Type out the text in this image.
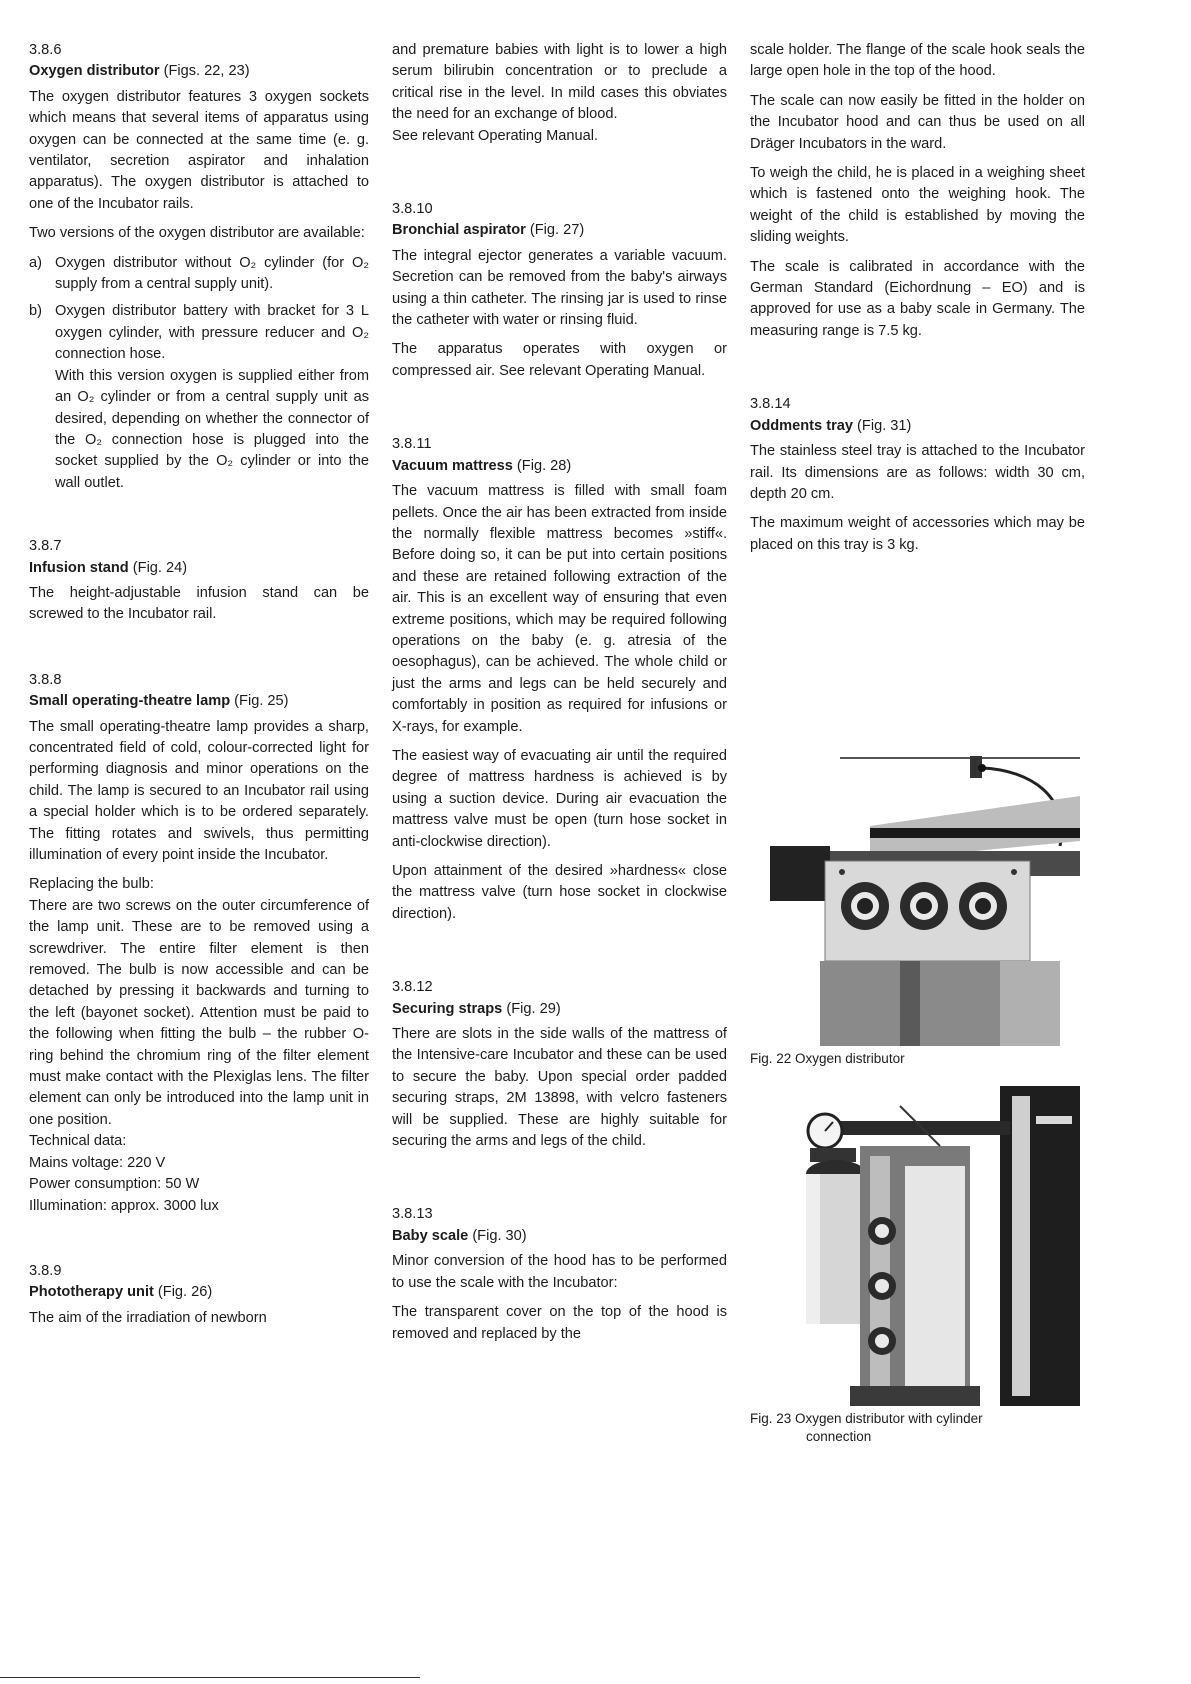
3.8.6
Oxygen distributor (Figs. 22, 23)

The oxygen distributor features 3 oxygen sockets which means that several items of apparatus using oxygen can be connected at the same time (e. g. ventilator, secretion aspirator and inhalation apparatus). The oxygen distributor is attached to one of the Incubator rails.

Two versions of the oxygen distributor are available:

a) Oxygen distributor without O₂ cylinder (for O₂ supply from a central supply unit).
b) Oxygen distributor battery with bracket for 3 L oxygen cylinder, with pressure reducer and O₂ connection hose.
With this version oxygen is supplied either from an O₂ cylinder or from a central supply unit as desired, depending on whether the connector of the O₂ connection hose is plugged into the socket supplied by the O₂ cylinder or into the wall outlet.
3.8.7
Infusion stand (Fig. 24)

The height-adjustable infusion stand can be screwed to the Incubator rail.

3.8.8
Small operating-theatre lamp (Fig. 25)

The small operating-theatre lamp provides a sharp, concentrated field of cold, colour-corrected light for performing diagnosis and minor operations on the child. The lamp is secured to an Incubator rail using a special holder which is to be ordered separately. The fitting rotates and swivels, thus permitting illumination of every point inside the Incubator.

Replacing the bulb:

There are two screws on the outer circumference of the lamp unit. These are to be removed using a screwdriver. The entire filter element is then removed. The bulb is now accessible and can be detached by pressing it backwards and turning to the left (bayonet socket). Attention must be paid to the following when fitting the bulb – the rubber O-ring behind the chromium ring of the filter element must make contact with the Plexiglas lens. The filter element can only be introduced into the lamp unit in one position.

Technical data:
Mains voltage: 220 V
Power consumption: 50 W
Illumination: approx. 3000 lux
3.8.9
Phototherapy unit (Fig. 26)

The aim of the irradiation of newborn

and premature babies with light is to lower a high serum bilirubin concentration or to preclude a critical rise in the level. In mild cases this obviates the need for an exchange of blood.

See relevant Operating Manual.

3.8.10
Bronchial aspirator (Fig. 27)

The integral ejector generates a variable vacuum. Secretion can be removed from the baby's airways using a thin catheter. The rinsing jar is used to rinse the catheter with water or rinsing fluid.

The apparatus operates with oxygen or compressed air. See relevant Operating Manual.

3.8.11
Vacuum mattress (Fig. 28)

The vacuum mattress is filled with small foam pellets. Once the air has been extracted from inside the normally flexible mattress becomes »stiff«. Before doing so, it can be put into certain positions and these are retained following extraction of the air. This is an excellent way of ensuring that even extreme positions, which may be required following operations on the baby (e. g. atresia of the oesophagus), can be achieved. The whole child or just the arms and legs can be held securely and comfortably in position as required for infusions or X-rays, for example.

The easiest way of evacuating air until the required degree of mattress hardness is achieved is by using a suction device. During air evacuation the mattress valve must be open (turn hose socket in anti-clockwise direction).

Upon attainment of the desired »hardness« close the mattress valve (turn hose socket in clockwise direction).

3.8.12
Securing straps (Fig. 29)

There are slots in the side walls of the mattress of the Intensive-care Incubator and these can be used to secure the baby. Upon special order padded securing straps, 2M 13898, with velcro fasteners will be supplied. These are highly suitable for securing the arms and legs of the child.

3.8.13
Baby scale (Fig. 30)

Minor conversion of the hood has to be performed to use the scale with the Incubator:

The transparent cover on the top of the hood is removed and replaced by the

scale holder. The flange of the scale hook seals the large open hole in the top of the hood.

The scale can now easily be fitted in the holder on the Incubator hood and can thus be used on all Dräger Incubators in the ward.

To weigh the child, he is placed in a weighing sheet which is fastened onto the weighing hook. The weight of the child is established by moving the sliding weights.

The scale is calibrated in accordance with the German Standard (Eichordnung – EO) and is approved for use as a baby scale in Germany. The measuring range is 7.5 kg.

3.8.14
Oddments tray (Fig. 31)

The stainless steel tray is attached to the Incubator rail. Its dimensions are as follows: width 30 cm, depth 20 cm.

The maximum weight of accessories which may be placed on this tray is 3 kg.

Fig. 22 Oxygen distributor
Fig. 23 Oxygen distributor with cylinder
connection
